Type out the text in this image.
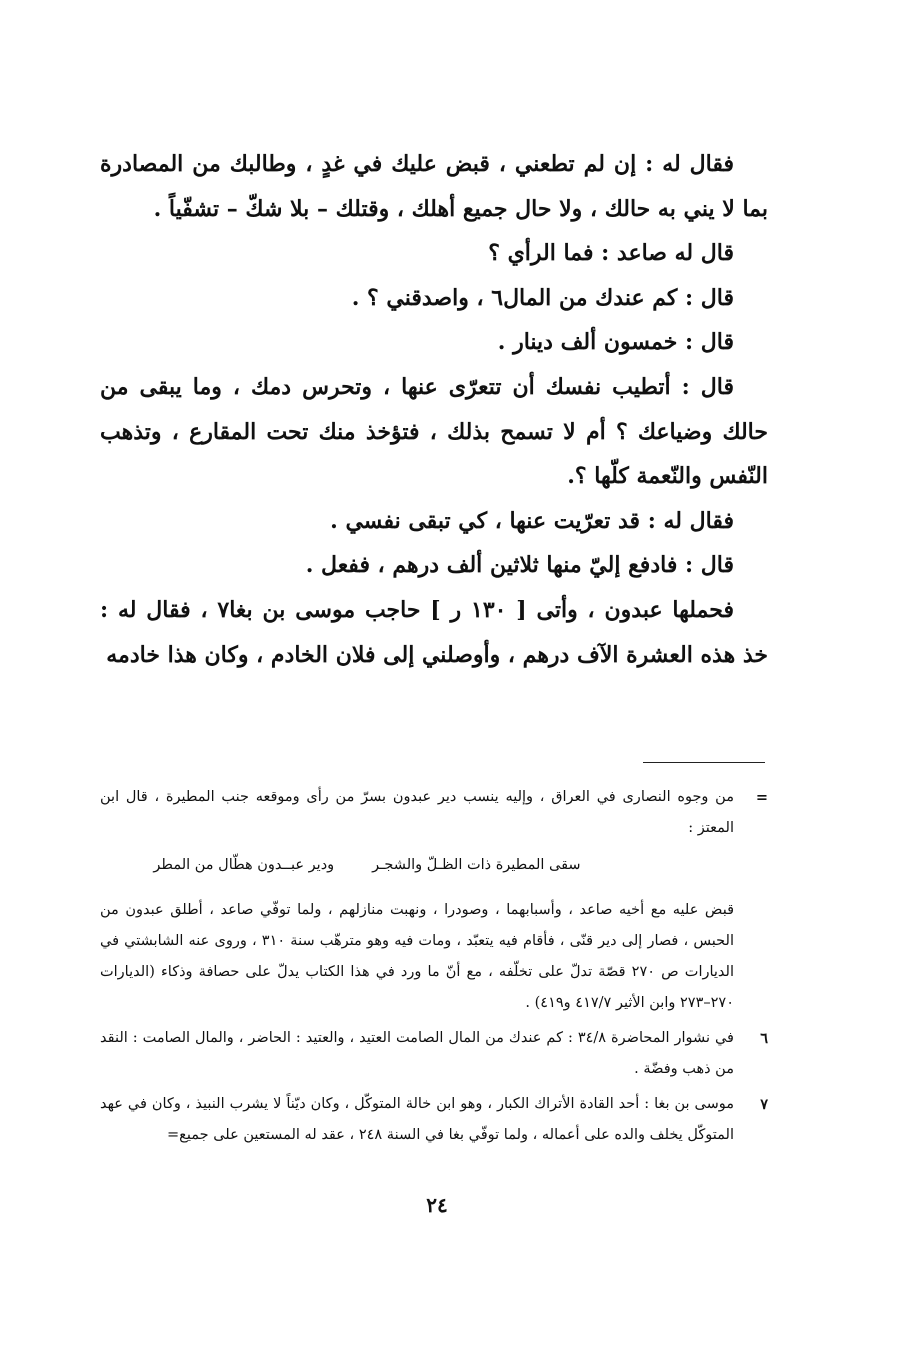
فقال له : إن لم تطعني ، قبض عليك في غدٍ ، وطالبك من المصادرة بما لا يني به حالك ، ولا حال جميع أهلك ، وقتلك – بلا شكّ – تشفّياً .

قال له صاعد : فما الرأي ؟

قال : كم عندك من المال٦ ، واصدقني ؟ .

قال : خمسون ألف دينار .

قال : أتطيب نفسك أن تتعرّى عنها ، وتحرس دمك ، وما يبقى من حالك وضياعك ؟ أم لا تسمح بذلك ، فتؤخذ منك تحت المقارع ، وتذهب النّفس والنّعمة كلّها ؟.

فقال له : قد تعرّيت عنها ، كي تبقى نفسي .

قال : فادفع إليّ منها ثلاثين ألف درهم ، ففعل .

فحملها عبدون ، وأتى [ ١٣٠ ر ] حاجب موسى بن بغا٧ ، فقال له : خذ هذه العشرة الآف درهم ، وأوصلني إلى فلان الخادم ، وكان هذا خادمه

=

من وجوه النصارى في العراق ، وإليه ينسب دير عبدون بسرّ من رأى وموقعه جنب المطيرة ، قال ابن المعتز :

سقى المطيرة ذات الظـلّ والشجـر
ودير عبــدون هطّال من المطر

قبض عليه مع أخيه صاعد ، وأسبابهما ، وصودرا ، ونهبت منازلهم ، ولما توفّي صاعد ، أطلق عبدون من الحبس ، فصار إلى دير قنّى ، فأقام فيه يتعبّد ، ومات فيه وهو مترهّب سنة ٣١٠ ، وروى عنه الشابشتي في الديارات ص ٢٧٠ قصّة تدلّ على تخلّفه ، مع أنّ ما ورد في هذا الكتاب يدلّ على حصافة وذكاء (الديارات ٢٧٠–٢٧٣ وابن الأثير ٤١٧/٧ و٤١٩) .

٦

في نشوار المحاضرة ٣٤/٨ : كم عندك من المال الصامت العتيد ، والعتيد : الحاضر ، والمال الصامت : النقد من ذهب وفضّة .

٧

موسى بن بغا : أحد القادة الأتراك الكبار ، وهو ابن خالة المتوكّل ، وكان ديّناً لا يشرب النبيذ ، وكان في عهد المتوكّل يخلف والده على أعماله ، ولما توفّي بغا في السنة ٢٤٨ ، عقد له المستعين على جميع=

٢٤
